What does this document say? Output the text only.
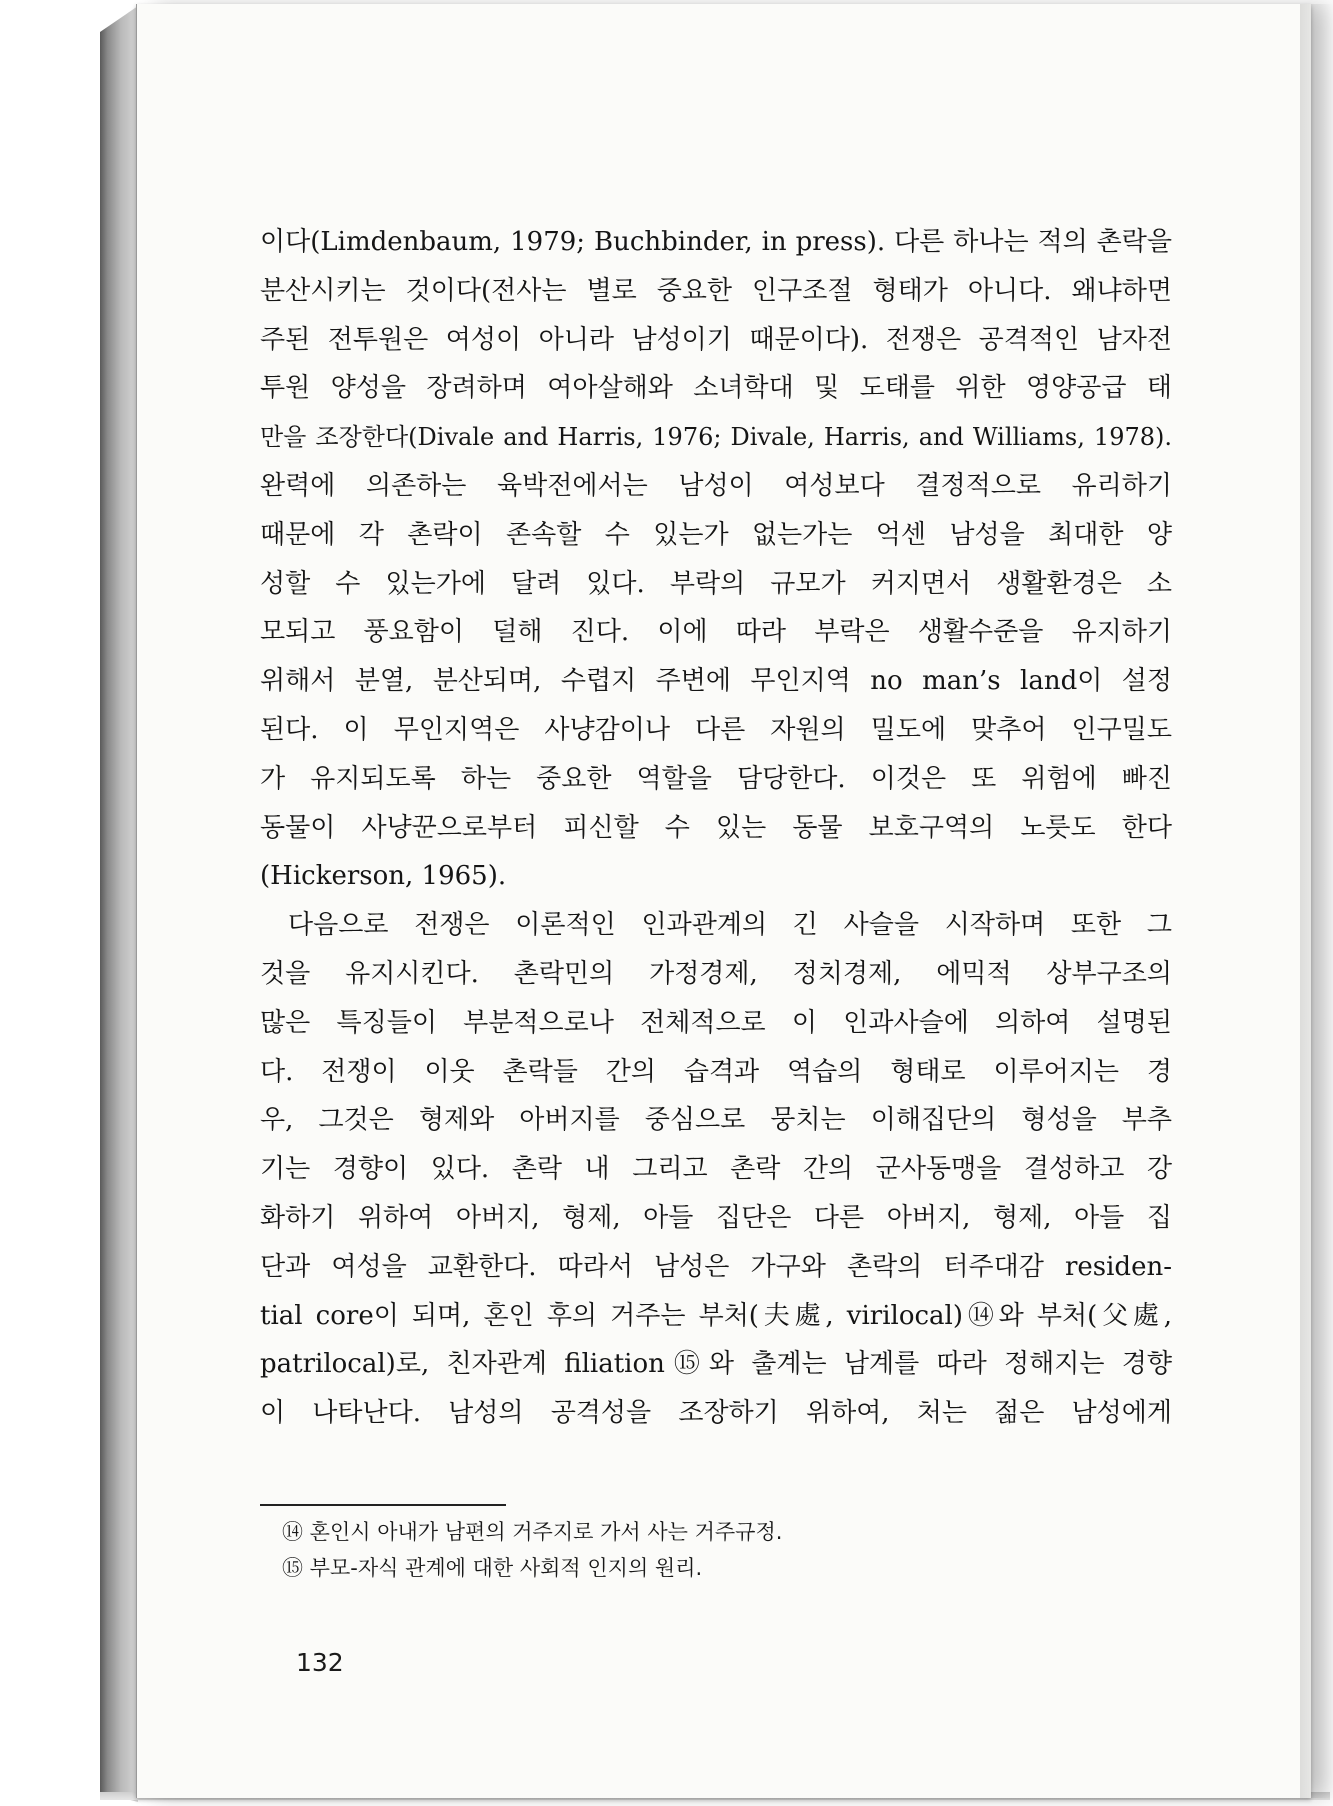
이다(Limdenbaum, 1979; Buchbinder, in press). 다른 하나는 적의 촌락을
분산시키는 것이다(전사는 별로 중요한 인구조절 형태가 아니다. 왜냐하면
주된 전투원은 여성이 아니라 남성이기 때문이다). 전쟁은 공격적인 남자전
투원 양성을 장려하며 여아살해와 소녀학대 및 도태를 위한 영양공급 태
만을 조장한다(Divale and Harris, 1976; Divale, Harris, and Williams, 1978).
완력에 의존하는 육박전에서는 남성이 여성보다 결정적으로 유리하기
때문에 각 촌락이 존속할 수 있는가 없는가는 억센 남성을 최대한 양
성할 수 있는가에 달려 있다. 부락의 규모가 커지면서 생활환경은 소
모되고 풍요함이 덜해 진다. 이에 따라 부락은 생활수준을 유지하기
위해서 분열, 분산되며, 수렵지 주변에 무인지역 no man’s land이 설정
된다. 이 무인지역은 사냥감이나 다른 자원의 밀도에 맞추어 인구밀도
가 유지되도록 하는 중요한 역할을 담당한다. 이것은 또 위험에 빠진
동물이 사냥꾼으로부터 피신할 수 있는 동물 보호구역의 노릇도 한다
(Hickerson, 1965).
다음으로 전쟁은 이론적인 인과관계의 긴 사슬을 시작하며 또한 그
것을 유지시킨다. 촌락민의 가정경제, 정치경제, 에믹적 상부구조의
많은 특징들이 부분적으로나 전체적으로 이 인과사슬에 의하여 설명된
다. 전쟁이 이웃 촌락들 간의 습격과 역습의 형태로 이루어지는 경
우, 그것은 형제와 아버지를 중심으로 뭉치는 이해집단의 형성을 부추
기는 경향이 있다. 촌락 내 그리고 촌락 간의 군사동맹을 결성하고 강
화하기 위하여 아버지, 형제, 아들 집단은 다른 아버지, 형제, 아들 집
단과 여성을 교환한다. 따라서 남성은 가구와 촌락의 터주대감 residen-
tial core이 되며, 혼인 후의 거주는 부처(夫處, virilocal)⑭와 부처(父處,
patrilocal)로, 친자관계 filiation⑮와 출계는 남계를 따라 정해지는 경향
이 나타난다. 남성의 공격성을 조장하기 위하여, 처는 젊은 남성에게
⑭ 혼인시 아내가 남편의 거주지로 가서 사는 거주규정.
⑮ 부모-자식 관계에 대한 사회적 인지의 원리.
132
